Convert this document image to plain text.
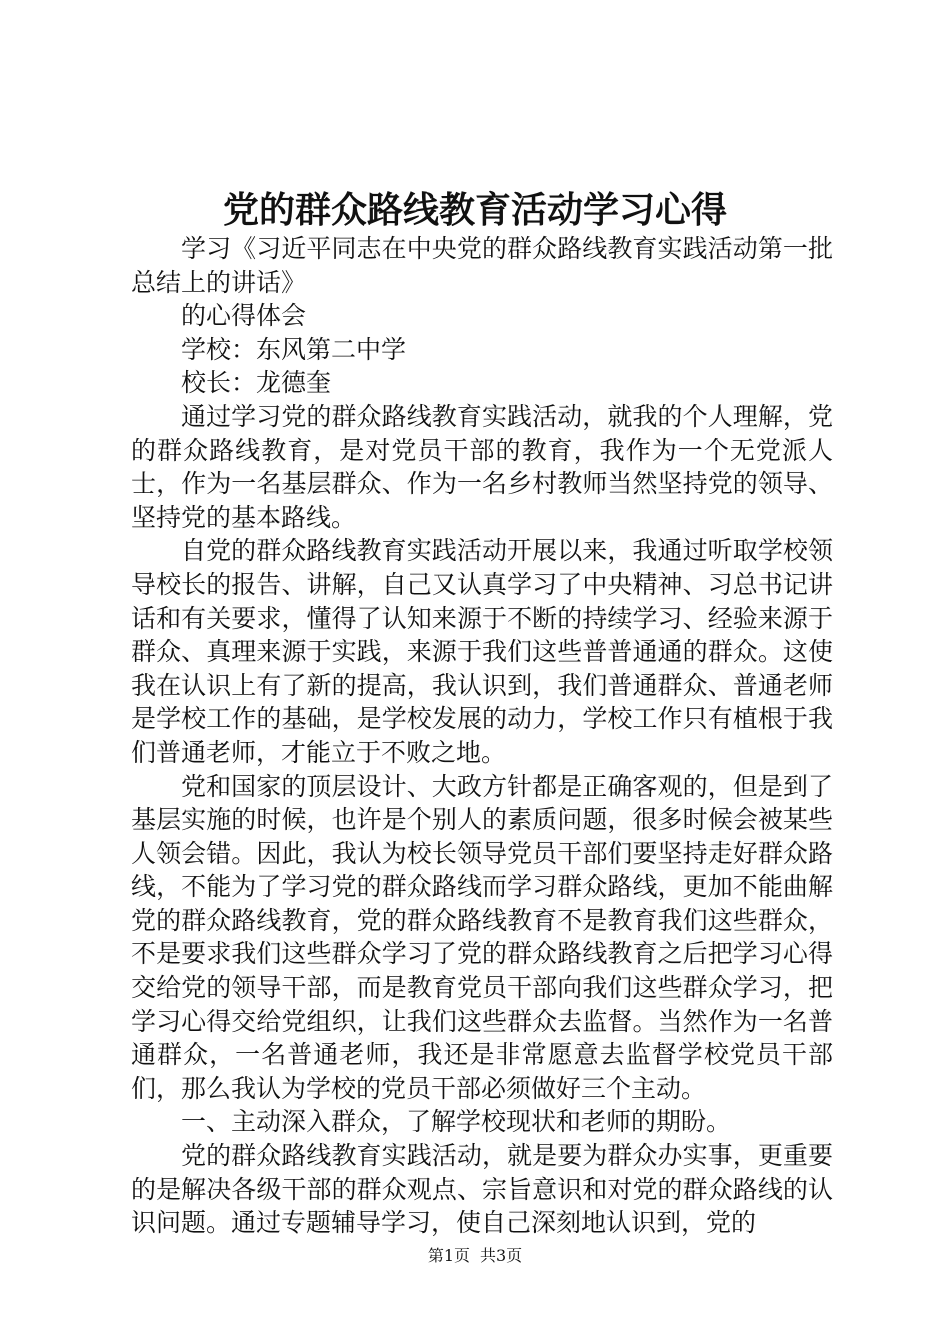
党的群众路线教育活动学习心得

学习《习近平同志在中央党的群众路线教育实践活动第一批总结上的讲话》

的心得体会

学校：东风第二中学

校长：龙德奎

通过学习党的群众路线教育实践活动，就我的个人理解，党的群众路线教育，是对党员干部的教育，我作为一个无党派人士，作为一名基层群众、作为一名乡村教师当然坚持党的领导、坚持党的基本路线。

自党的群众路线教育实践活动开展以来，我通过听取学校领导校长的报告、讲解，自己又认真学习了中央精神、习总书记讲话和有关要求，懂得了认知来源于不断的持续学习、经验来源于群众、真理来源于实践，来源于我们这些普普通通的群众。这使我在认识上有了新的提高，我认识到，我们普通群众、普通老师是学校工作的基础，是学校发展的动力，学校工作只有植根于我们普通老师，才能立于不败之地。

党和国家的顶层设计、大政方针都是正确客观的，但是到了基层实施的时候，也许是个别人的素质问题，很多时候会被某些人领会错。因此，我认为校长领导党员干部们要坚持走好群众路线，不能为了学习党的群众路线而学习群众路线，更加不能曲解党的群众路线教育，党的群众路线教育不是教育我们这些群众，不是要求我们这些群众学习了党的群众路线教育之后把学习心得交给党的领导干部，而是教育党员干部向我们这些群众学习，把学习心得交给党组织，让我们这些群众去监督。当然作为一名普通群众，一名普通老师，我还是非常愿意去监督学校党员干部们，那么我认为学校的党员干部必须做好三个主动。

一、主动深入群众，了解学校现状和老师的期盼。

党的群众路线教育实践活动，就是要为群众办实事，更重要的是解决各级干部的群众观点、宗旨意识和对党的群众路线的认识问题。通过专题辅导学习，使自己深刻地认识到，党的

第1页 共3页
